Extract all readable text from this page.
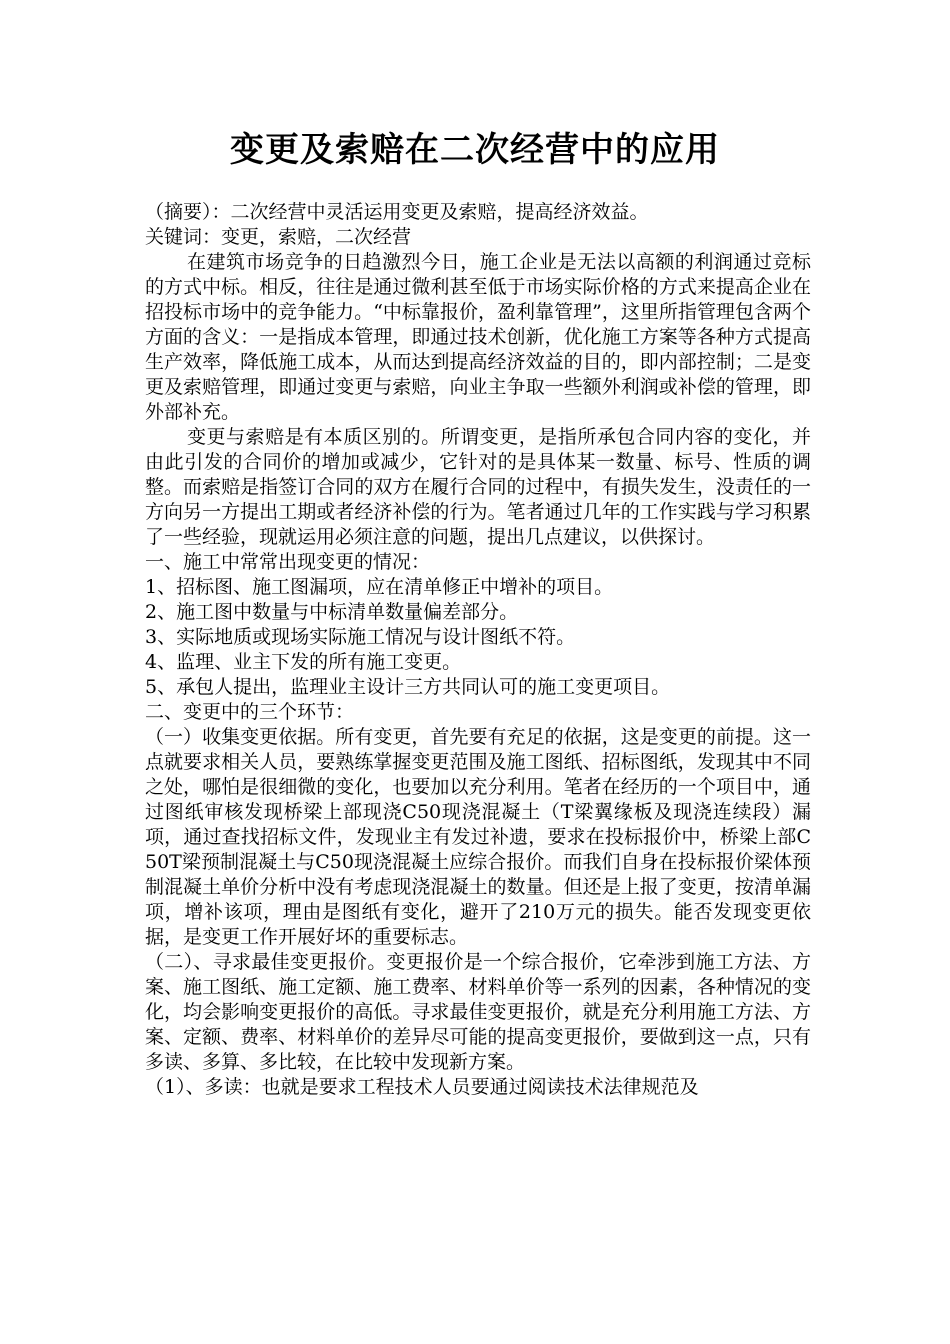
变更及索赔在二次经营中的应用

（摘要）：二次经营中灵活运用变更及索赔，提高经济效益。

关键词：变更，索赔，二次经营

在建筑市场竞争的日趋激烈今日，施工企业是无法以高额的利润通过竞标的方式中标。相反，往往是通过微利甚至低于市场实际价格的方式来提高企业在招投标市场中的竞争能力。“中标靠报价，盈利靠管理”，这里所指管理包含两个方面的含义：一是指成本管理，即通过技术创新，优化施工方案等各种方式提高生产效率，降低施工成本，从而达到提高经济效益的目的，即内部控制；二是变更及索赔管理，即通过变更与索赔，向业主争取一些额外利润或补偿的管理，即外部补充。

变更与索赔是有本质区别的。所谓变更，是指所承包合同内容的变化，并由此引发的合同价的增加或减少，它针对的是具体某一数量、标号、性质的调整。而索赔是指签订合同的双方在履行合同的过程中，有损失发生，没责任的一方向另一方提出工期或者经济补偿的行为。笔者通过几年的工作实践与学习积累了一些经验，现就运用必须注意的问题，提出几点建议，以供探讨。

一、施工中常常出现变更的情况：

1、招标图、施工图漏项，应在清单修正中增补的项目。

2、施工图中数量与中标清单数量偏差部分。

3、实际地质或现场实际施工情况与设计图纸不符。

4、监理、业主下发的所有施工变更。

5、承包人提出，监理业主设计三方共同认可的施工变更项目。

二、变更中的三个环节：

（一）收集变更依据。所有变更，首先要有充足的依据，这是变更的前提。这一点就要求相关人员，要熟练掌握变更范围及施工图纸、招标图纸，发现其中不同之处，哪怕是很细微的变化，也要加以充分利用。笔者在经历的一个项目中，通过图纸审核发现桥梁上部现浇C50现浇混凝土（T梁翼缘板及现浇连续段）漏项，通过查找招标文件，发现业主有发过补遗，要求在投标报价中，桥梁上部C50T梁预制混凝土与C50现浇混凝土应综合报价。而我们自身在投标报价梁体预制混凝土单价分析中没有考虑现浇混凝土的数量。但还是上报了变更，按清单漏项，增补该项，理由是图纸有变化，避开了210万元的损失。能否发现变更依据，是变更工作开展好坏的重要标志。

（二）、寻求最佳变更报价。变更报价是一个综合报价，它牵涉到施工方法、方案、施工图纸、施工定额、施工费率、材料单价等一系列的因素，各种情况的变化，均会影响变更报价的高低。寻求最佳变更报价，就是充分利用施工方法、方案、定额、费率、材料单价的差异尽可能的提高变更报价，要做到这一点，只有多读、多算、多比较，在比较中发现新方案。

（1）、多读：也就是要求工程技术人员要通过阅读技术法律规范及
